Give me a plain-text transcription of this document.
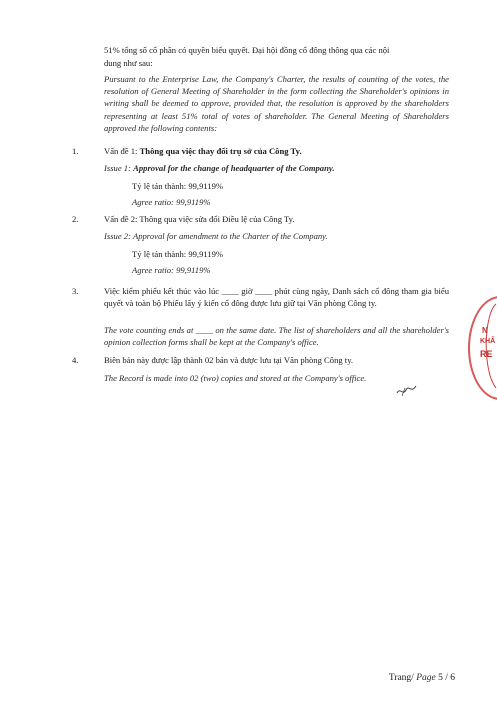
51% tổng số cổ phần có quyền biểu quyết. Đại hội đồng cổ đông thông qua các nội
dung như sau:
Pursuant to the Enterprise Law, the Company's Charter, the results of counting of the votes, the resolution of General Meeting of Shareholder in the form collecting the Shareholder's opinions in writing shall be deemed to approve, provided that, the resolution is approved by the shareholders representing at least 51% total of votes of shareholder. The General Meeting of Shareholders approved the following contents:
1.	Vấn đề 1: Thông qua việc thay đổi trụ sở của Công Ty.
Issue 1: Approval for the change of headquarter of the Company.
Tỷ lệ tán thành: 99,9119%
Agree ratio: 99,9119%
2.	Vấn đề 2: Thông qua việc sửa đổi Điều lệ của Công Ty.
Issue 2: Approval for amendment to the Charter of the Company.
Tỷ lệ tán thành: 99,9119%
Agree ratio: 99,9119%
3.	Việc kiểm phiếu kết thúc vào lúc ____ giờ ____ phút cùng ngày, Danh sách cổ đông tham gia biểu quyết và toàn bộ Phiếu lấy ý kiến cổ đông được lưu giữ tại Văn phòng Công ty.
The vote counting ends at ____ on the same date. The list of shareholders and all the shareholder's opinion collection forms shall be kept at the Company's office.
4.	Biên bản này được lập thành 02 bản và được lưu tại Văn phòng Công ty.
The Record is made into 02 (two) copies and stored at the Company's office.
N
KHẨ
RE
Trang/ Page 5 / 6
